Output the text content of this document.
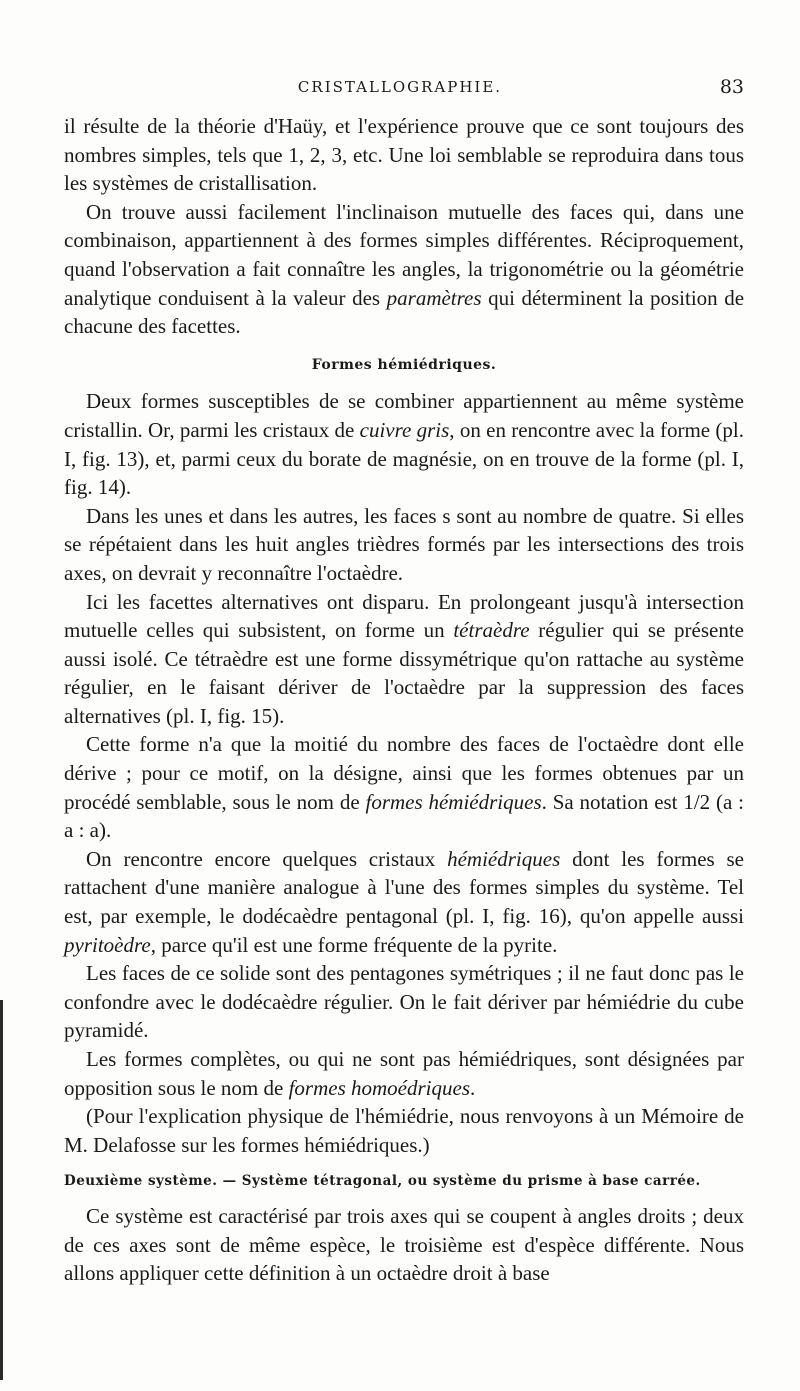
CRISTALLOGRAPHIE.	83

il résulte de la théorie d'Haüy, et l'expérience prouve que ce sont toujours des nombres simples, tels que 1, 2, 3, etc. Une loi semblable se reproduira dans tous les systèmes de cristallisation.

On trouve aussi facilement l'inclinaison mutuelle des faces qui, dans une combinaison, appartiennent à des formes simples différentes. Réciproquement, quand l'observation a fait connaître les angles, la trigonométrie ou la géométrie analytique conduisent à la valeur des paramètres qui déterminent la position de chacune des facettes.

Formes hémiédriques.

Deux formes susceptibles de se combiner appartiennent au même système cristallin. Or, parmi les cristaux de cuivre gris, on en rencontre avec la forme (pl. I, fig. 13), et, parmi ceux du borate de magnésie, on en trouve de la forme (pl. I, fig. 14).

Dans les unes et dans les autres, les faces s sont au nombre de quatre. Si elles se répétaient dans les huit angles trièdres formés par les intersections des trois axes, on devrait y reconnaître l'octaèdre.

Ici les facettes alternatives ont disparu. En prolongeant jusqu'à intersection mutuelle celles qui subsistent, on forme un tétraèdre régulier qui se présente aussi isolé. Ce tétraèdre est une forme dissymétrique qu'on rattache au système régulier, en le faisant dériver de l'octaèdre par la suppression des faces alternatives (pl. I, fig. 15).

Cette forme n'a que la moitié du nombre des faces de l'octaèdre dont elle dérive ; pour ce motif, on la désigne, ainsi que les formes obtenues par un procédé semblable, sous le nom de formes hémiédriques. Sa notation est 1/2 (a : a : a).

On rencontre encore quelques cristaux hémiédriques dont les formes se rattachent d'une manière analogue à l'une des formes simples du système. Tel est, par exemple, le dodécaèdre pentagonal (pl. I, fig. 16), qu'on appelle aussi pyritoèdre, parce qu'il est une forme fréquente de la pyrite.

Les faces de ce solide sont des pentagones symétriques ; il ne faut donc pas le confondre avec le dodécaèdre régulier. On le fait dériver par hémiédrie du cube pyramidé.

Les formes complètes, ou qui ne sont pas hémiédriques, sont désignées par opposition sous le nom de formes homoédriques.

(Pour l'explication physique de l'hémiédrie, nous renvoyons à un Mémoire de M. Delafosse sur les formes hémiédriques.)

Deuxième système. — Système tétragonal, ou système du prisme à base carrée.

Ce système est caractérisé par trois axes qui se coupent à angles droits ; deux de ces axes sont de même espèce, le troisième est d'espèce différente. Nous allons appliquer cette définition à un octaèdre droit à base
